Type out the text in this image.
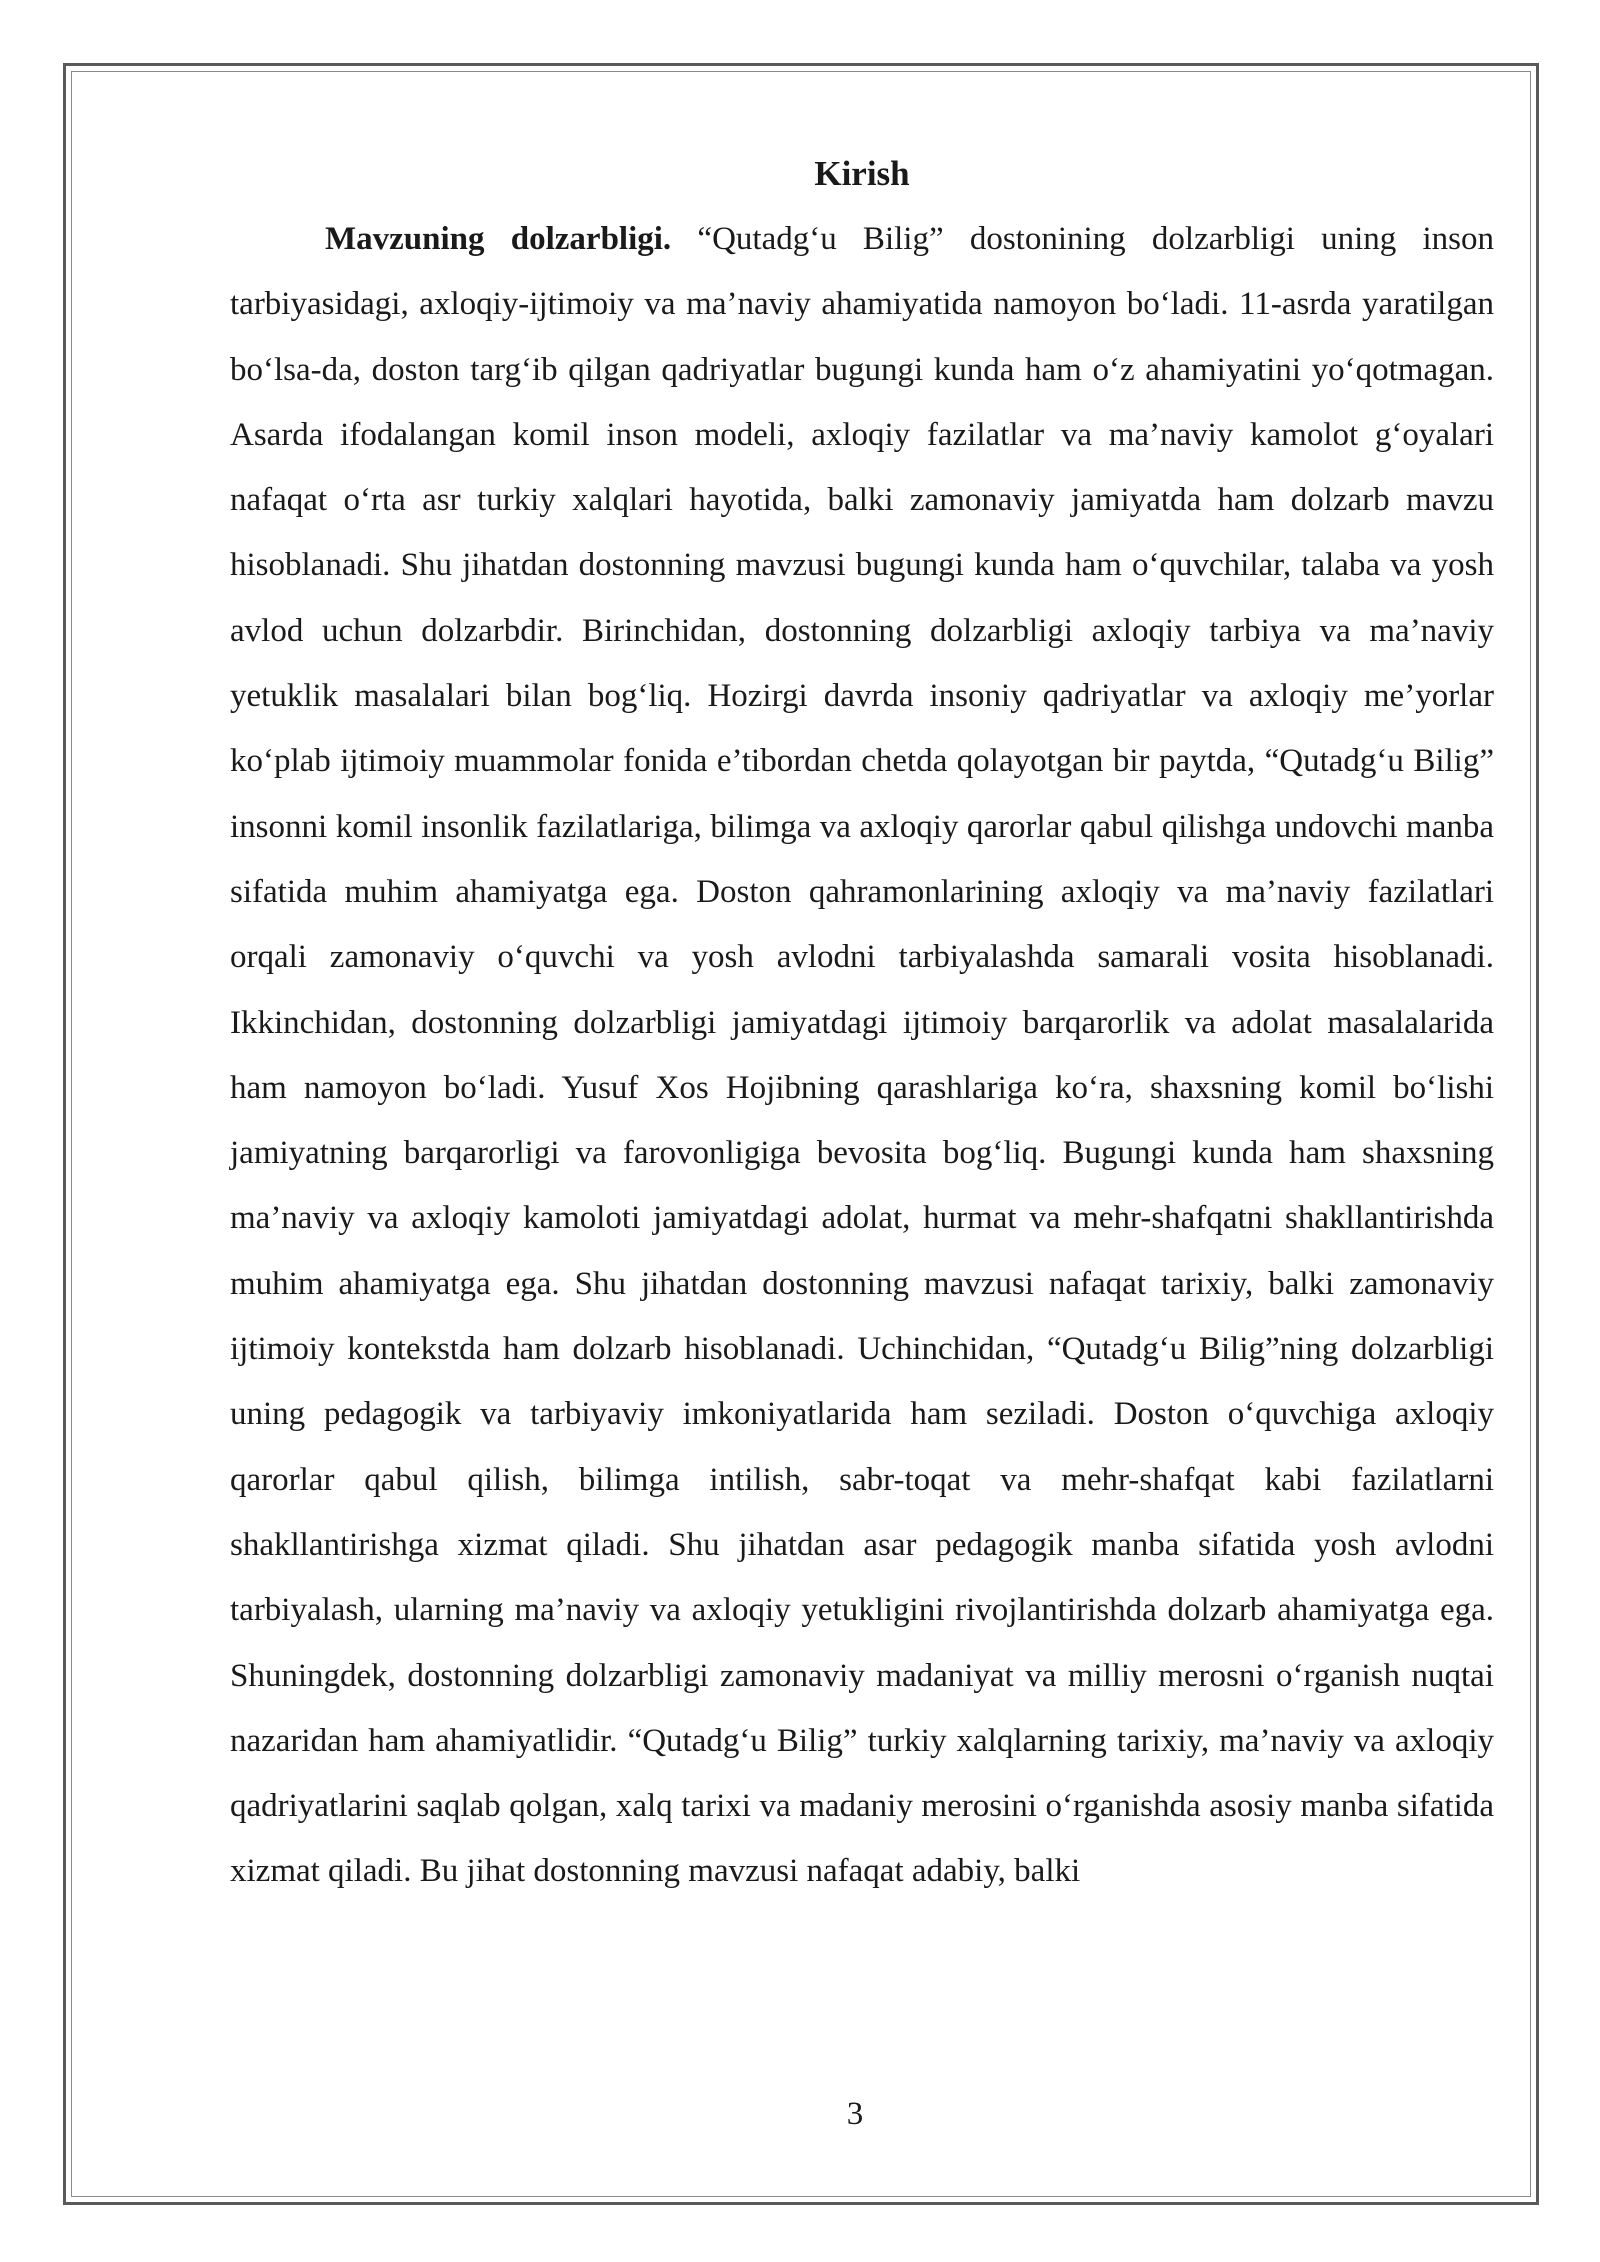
Kirish

Mavzuning dolzarbligi. “Qutadg‘u Bilig” dostonining dolzarbligi uning inson tarbiyasidagi, axloqiy-ijtimoiy va ma’naviy ahamiyatida namoyon bo‘ladi. 11-asrda yaratilgan bo‘lsa-da, doston targ‘ib qilgan qadriyatlar bugungi kunda ham o‘z ahamiyatini yo‘qotmagan. Asarda ifodalangan komil inson modeli, axloqiy fazilatlar va ma’naviy kamolot g‘oyalari nafaqat o‘rta asr turkiy xalqlari hayotida, balki zamonaviy jamiyatda ham dolzarb mavzu hisoblanadi. Shu jihatdan dostonning mavzusi bugungi kunda ham o‘quvchilar, talaba va yosh avlod uchun dolzarbdir. Birinchidan, dostonning dolzarbligi axloqiy tarbiya va ma’naviy yetuklik masalalari bilan bog‘liq. Hozirgi davrda insoniy qadriyatlar va axloqiy me’yorlar ko‘plab ijtimoiy muammolar fonida e’tibordan chetda qolayotgan bir paytda, “Qutadg‘u Bilig” insonni komil insonlik fazilatlariga, bilimga va axloqiy qarorlar qabul qilishga undovchi manba sifatida muhim ahamiyatga ega. Doston qahramonlarining axloqiy va ma’naviy fazilatlari orqali zamonaviy o‘quvchi va yosh avlodni tarbiyalashda samarali vosita hisoblanadi. Ikkinchidan, dostonning dolzarbligi jamiyatdagi ijtimoiy barqarorlik va adolat masalalarida ham namoyon bo‘ladi. Yusuf Xos Hojibning qarashlariga ko‘ra, shaxsning komil bo‘lishi jamiyatning barqarorligi va farovonligiga bevosita bog‘liq. Bugungi kunda ham shaxsning ma’naviy va axloqiy kamoloti jamiyatdagi adolat, hurmat va mehr-shafqatni shakllantirishda muhim ahamiyatga ega. Shu jihatdan dostonning mavzusi nafaqat tarixiy, balki zamonaviy ijtimoiy kontekstda ham dolzarb hisoblanadi. Uchinchidan, “Qutadg‘u Bilig”ning dolzarbligi uning pedagogik va tarbiyaviy imkoniyatlarida ham seziladi. Doston o‘quvchiga axloqiy qarorlar qabul qilish, bilimga intilish, sabr-toqat va mehr-shafqat kabi fazilatlarni shakllantirishga xizmat qiladi. Shu jihatdan asar pedagogik manba sifatida yosh avlodni tarbiyalash, ularning ma’naviy va axloqiy yetukligini rivojlantirishda dolzarb ahamiyatga ega. Shuningdek, dostonning dolzarbligi zamonaviy madaniyat va milliy merosni o‘rganish nuqtai nazaridan ham ahamiyatlidir. “Qutadg‘u Bilig” turkiy xalqlarning tarixiy, ma’naviy va axloqiy qadriyatlarini saqlab qolgan, xalq tarixi va madaniy merosini o‘rganishda asosiy manba sifatida xizmat qiladi. Bu jihat dostonning mavzusi nafaqat adabiy, balki

3
